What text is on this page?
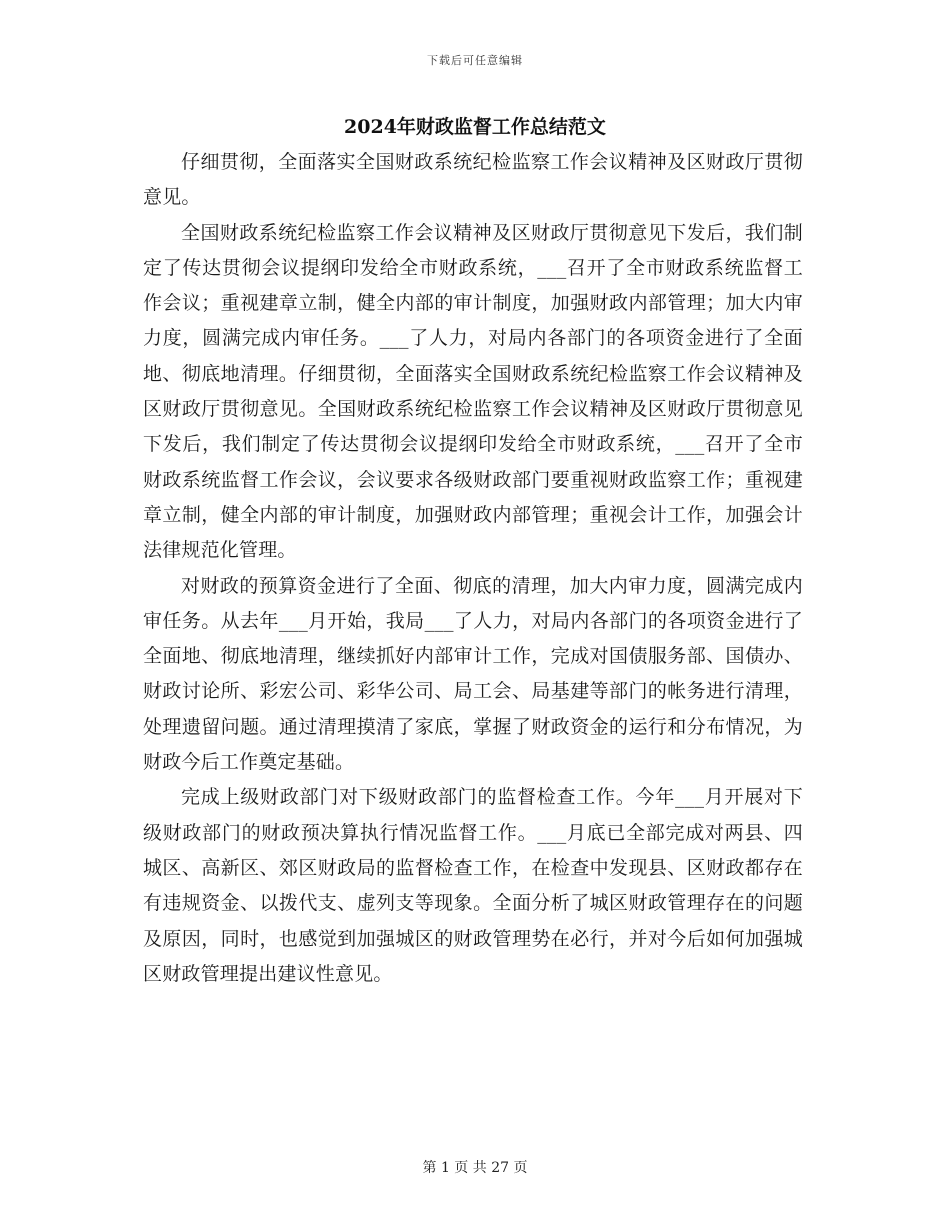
下载后可任意编辑
2024年财政监督工作总结范文

仔细贯彻，全面落实全国财政系统纪检监察工作会议精神及区财政厅贯彻意见。

全国财政系统纪检监察工作会议精神及区财政厅贯彻意见下发后，我们制定了传达贯彻会议提纲印发给全市财政系统，___召开了全市财政系统监督工作会议；重视建章立制，健全内部的审计制度，加强财政内部管理；加大内审力度，圆满完成内审任务。___了人力，对局内各部门的各项资金进行了全面地、彻底地清理。仔细贯彻，全面落实全国财政系统纪检监察工作会议精神及区财政厅贯彻意见。全国财政系统纪检监察工作会议精神及区财政厅贯彻意见下发后，我们制定了传达贯彻会议提纲印发给全市财政系统，___召开了全市财政系统监督工作会议，会议要求各级财政部门要重视财政监察工作；重视建章立制，健全内部的审计制度，加强财政内部管理；重视会计工作，加强会计法律规范化管理。

对财政的预算资金进行了全面、彻底的清理，加大内审力度，圆满完成内审任务。从去年___月开始，我局___了人力，对局内各部门的各项资金进行了全面地、彻底地清理，继续抓好内部审计工作，完成对国债服务部、国债办、财政讨论所、彩宏公司、彩华公司、局工会、局基建等部门的帐务进行清理，处理遗留问题。通过清理摸清了家底，掌握了财政资金的运行和分布情况，为财政今后工作奠定基础。

完成上级财政部门对下级财政部门的监督检查工作。今年___月开展对下级财政部门的财政预决算执行情况监督工作。___月底已全部完成对两县、四城区、高新区、郊区财政局的监督检查工作，在检查中发现县、区财政都存在有违规资金、以拨代支、虚列支等现象。全面分析了城区财政管理存在的问题及原因，同时，也感觉到加强城区的财政管理势在必行，并对今后如何加强城区财政管理提出建议性意见。

第 1 页 共 27 页
